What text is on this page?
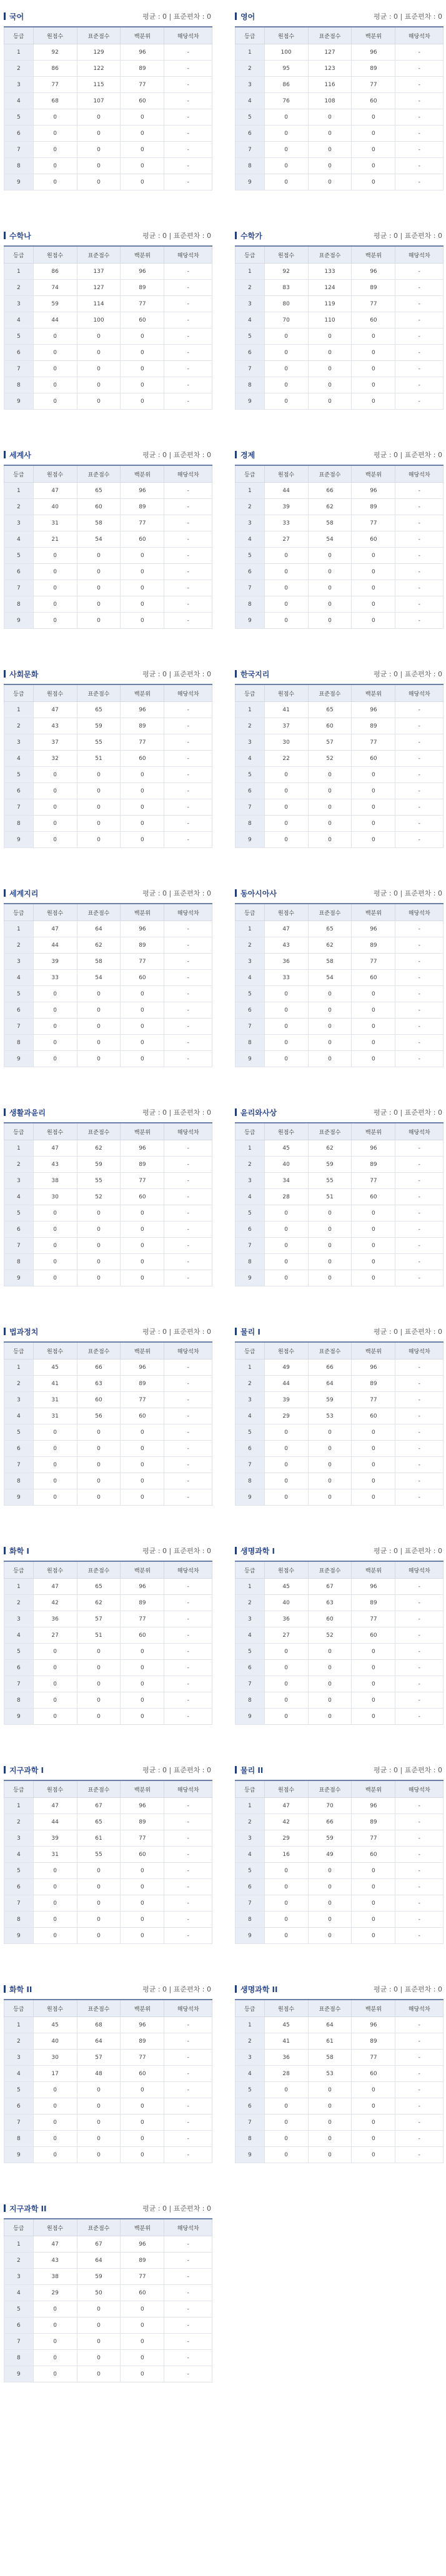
국어	평균 : 0 | 표준편차 : 0
등급	원점수	표준점수	백분위	해당석차
1	92	129	96	-
2	86	122	89	-
3	77	115	77	-
4	68	107	60	-
5	0	0	0	-
6	0	0	0	-
7	0	0	0	-
8	0	0	0	-
9	0	0	0	-
영어	평균 : 0 | 표준편차 : 0
등급	원점수	표준점수	백분위	해당석차
1	100	127	96	-
2	95	123	89	-
3	86	116	77	-
4	76	108	60	-
5	0	0	0	-
6	0	0	0	-
7	0	0	0	-
8	0	0	0	-
9	0	0	0	-
수학나	평균 : 0 | 표준편차 : 0
등급	원점수	표준점수	백분위	해당석차
1	86	137	96	-
2	74	127	89	-
3	59	114	77	-
4	44	100	60	-
5	0	0	0	-
6	0	0	0	-
7	0	0	0	-
8	0	0	0	-
9	0	0	0	-
수학가	평균 : 0 | 표준편차 : 0
등급	원점수	표준점수	백분위	해당석차
1	92	133	96	-
2	83	124	89	-
3	80	119	77	-
4	70	110	60	-
5	0	0	0	-
6	0	0	0	-
7	0	0	0	-
8	0	0	0	-
9	0	0	0	-
세계사	평균 : 0 | 표준편차 : 0
등급	원점수	표준점수	백분위	해당석차
1	47	65	96	-
2	40	60	89	-
3	31	58	77	-
4	21	54	60	-
5	0	0	0	-
6	0	0	0	-
7	0	0	0	-
8	0	0	0	-
9	0	0	0	-
경제	평균 : 0 | 표준편차 : 0
등급	원점수	표준점수	백분위	해당석차
1	44	66	96	-
2	39	62	89	-
3	33	58	77	-
4	27	54	60	-
5	0	0	0	-
6	0	0	0	-
7	0	0	0	-
8	0	0	0	-
9	0	0	0	-
사회문화	평균 : 0 | 표준편차 : 0
등급	원점수	표준점수	백분위	해당석차
1	47	65	96	-
2	43	59	89	-
3	37	55	77	-
4	32	51	60	-
5	0	0	0	-
6	0	0	0	-
7	0	0	0	-
8	0	0	0	-
9	0	0	0	-
한국지리	평균 : 0 | 표준편차 : 0
등급	원점수	표준점수	백분위	해당석차
1	41	65	96	-
2	37	60	89	-
3	30	57	77	-
4	22	52	60	-
5	0	0	0	-
6	0	0	0	-
7	0	0	0	-
8	0	0	0	-
9	0	0	0	-
세계지리	평균 : 0 | 표준편차 : 0
등급	원점수	표준점수	백분위	해당석차
1	47	64	96	-
2	44	62	89	-
3	39	58	77	-
4	33	54	60	-
5	0	0	0	-
6	0	0	0	-
7	0	0	0	-
8	0	0	0	-
9	0	0	0	-
동아시아사	평균 : 0 | 표준편차 : 0
등급	원점수	표준점수	백분위	해당석차
1	47	65	96	-
2	43	62	89	-
3	36	58	77	-
4	33	54	60	-
5	0	0	0	-
6	0	0	0	-
7	0	0	0	-
8	0	0	0	-
9	0	0	0	-
생활과윤리	평균 : 0 | 표준편차 : 0
등급	원점수	표준점수	백분위	해당석차
1	47	62	96	-
2	43	59	89	-
3	38	55	77	-
4	30	52	60	-
5	0	0	0	-
6	0	0	0	-
7	0	0	0	-
8	0	0	0	-
9	0	0	0	-
윤리와사상	평균 : 0 | 표준편차 : 0
등급	원점수	표준점수	백분위	해당석차
1	45	62	96	-
2	40	59	89	-
3	34	55	77	-
4	28	51	60	-
5	0	0	0	-
6	0	0	0	-
7	0	0	0	-
8	0	0	0	-
9	0	0	0	-
법과정치	평균 : 0 | 표준편차 : 0
등급	원점수	표준점수	백분위	해당석차
1	45	66	96	-
2	41	63	89	-
3	31	60	77	-
4	31	56	60	-
5	0	0	0	-
6	0	0	0	-
7	0	0	0	-
8	0	0	0	-
9	0	0	0	-
물리 I	평균 : 0 | 표준편차 : 0
등급	원점수	표준점수	백분위	해당석차
1	49	66	96	-
2	44	64	89	-
3	39	59	77	-
4	29	53	60	-
5	0	0	0	-
6	0	0	0	-
7	0	0	0	-
8	0	0	0	-
9	0	0	0	-
화학 I	평균 : 0 | 표준편차 : 0
등급	원점수	표준점수	백분위	해당석차
1	47	65	96	-
2	42	62	89	-
3	36	57	77	-
4	27	51	60	-
5	0	0	0	-
6	0	0	0	-
7	0	0	0	-
8	0	0	0	-
9	0	0	0	-
생명과학 I	평균 : 0 | 표준편차 : 0
등급	원점수	표준점수	백분위	해당석차
1	45	67	96	-
2	40	63	89	-
3	36	60	77	-
4	27	52	60	-
5	0	0	0	-
6	0	0	0	-
7	0	0	0	-
8	0	0	0	-
9	0	0	0	-
지구과학 I	평균 : 0 | 표준편차 : 0
등급	원점수	표준점수	백분위	해당석차
1	47	67	96	-
2	44	65	89	-
3	39	61	77	-
4	31	55	60	-
5	0	0	0	-
6	0	0	0	-
7	0	0	0	-
8	0	0	0	-
9	0	0	0	-
물리 II	평균 : 0 | 표준편차 : 0
등급	원점수	표준점수	백분위	해당석차
1	47	70	96	-
2	42	66	89	-
3	29	59	77	-
4	16	49	60	-
5	0	0	0	-
6	0	0	0	-
7	0	0	0	-
8	0	0	0	-
9	0	0	0	-
화학 II	평균 : 0 | 표준편차 : 0
등급	원점수	표준점수	백분위	해당석차
1	45	68	96	-
2	40	64	89	-
3	30	57	77	-
4	17	48	60	-
5	0	0	0	-
6	0	0	0	-
7	0	0	0	-
8	0	0	0	-
9	0	0	0	-
생명과학 II	평균 : 0 | 표준편차 : 0
등급	원점수	표준점수	백분위	해당석차
1	45	64	96	-
2	41	61	89	-
3	36	58	77	-
4	28	53	60	-
5	0	0	0	-
6	0	0	0	-
7	0	0	0	-
8	0	0	0	-
9	0	0	0	-
지구과학 II	평균 : 0 | 표준편차 : 0
등급	원점수	표준점수	백분위	해당석차
1	47	67	96	-
2	43	64	89	-
3	38	59	77	-
4	29	50	60	-
5	0	0	0	-
6	0	0	0	-
7	0	0	0	-
8	0	0	0	-
9	0	0	0	-
